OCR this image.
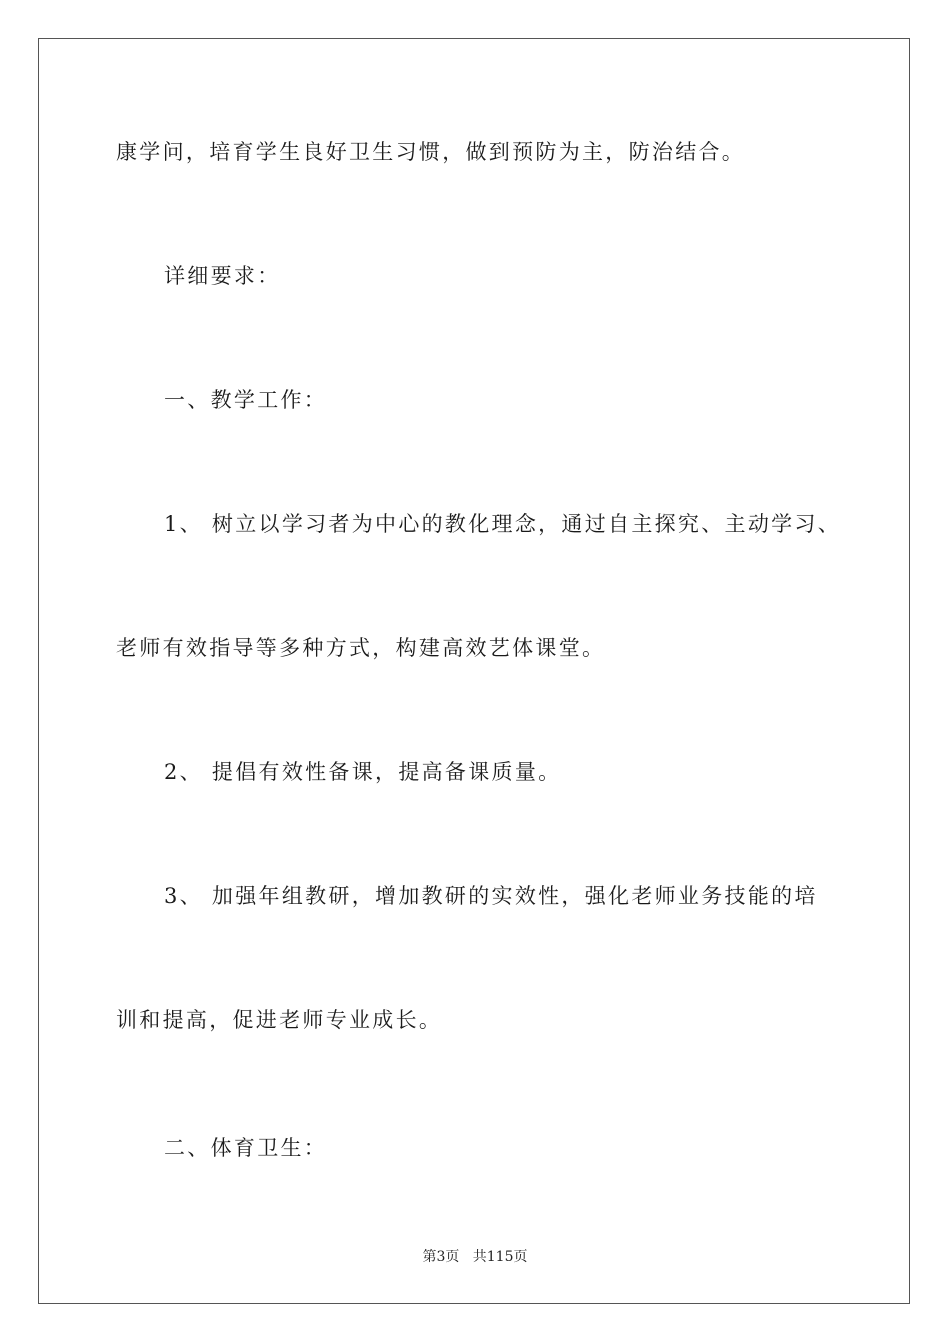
康学问，培育学生良好卫生习惯，做到预防为主，防治结合。
详细要求：
一、教学工作：
1、 树立以学习者为中心的教化理念，通过自主探究、主动学习、
老师有效指导等多种方式，构建高效艺体课堂。
2、 提倡有效性备课，提高备课质量。
3、 加强年组教研，增加教研的实效性，强化老师业务技能的培
训和提高，促进老师专业成长。
二、体育卫生：
第3页   共115页
